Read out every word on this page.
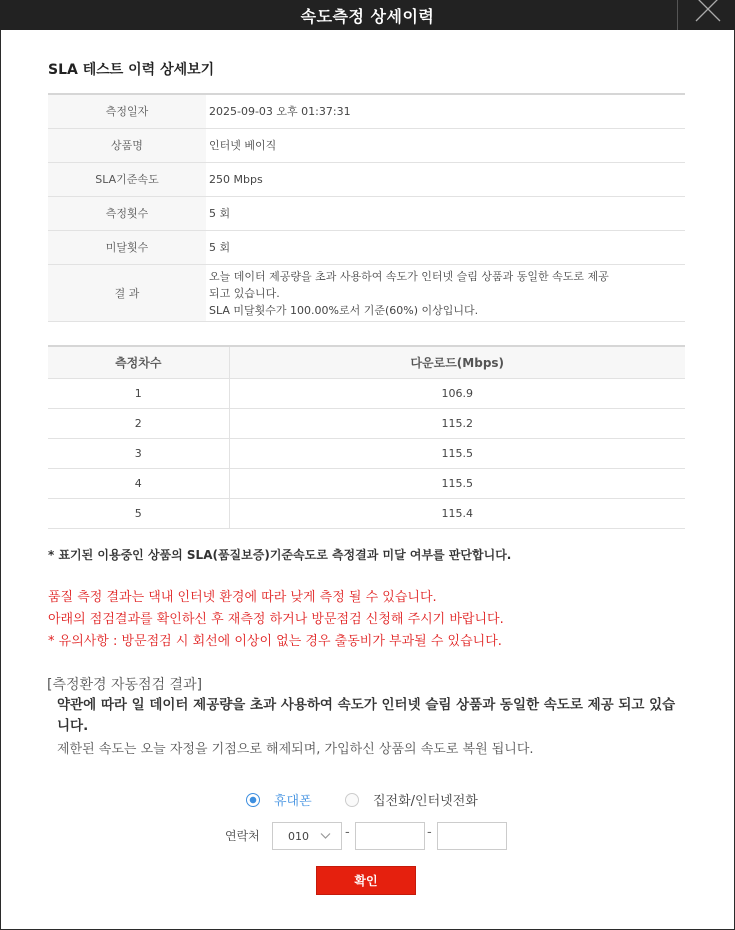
속도측정 상세이력
SLA 테스트 이력 상세보기
측정일자	2025-09-03 오후 01:37:31
상품명	인터넷 베이직
SLA기준속도	250 Mbps
측정횟수	5 회
미달횟수	5 회
결 과	오늘 데이터 제공량을 초과 사용하여 속도가 인터넷 슬림 상품과 동일한 속도로 제공
되고 있습니다.
SLA 미달횟수가 100.00%로서 기준(60%) 이상입니다.
측정차수	다운로드(Mbps)
1	106.9
2	115.2
3	115.5
4	115.5
5	115.4
* 표기된 이용중인 상품의 SLA(품질보증)기준속도로 측정결과 미달 여부를 판단합니다.
품질 측정 결과는 댁내 인터넷 환경에 따라 낮게 측정 될 수 있습니다.
아래의 점검결과를 확인하신 후 재측정 하거나 방문점검 신청해 주시기 바랍니다.
* 유의사항 : 방문점검 시 회선에 이상이 없는 경우 출동비가 부과될 수 있습니다.
[측정환경 자동점검 결과]
약관에 따라 일 데이터 제공량을 초과 사용하여 속도가 인터넷 슬림 상품과 동일한 속도로 제공 되고 있습니다.
제한된 속도는 오늘 자정을 기점으로 해제되며, 가입하신 상품의 속도로 복원 됩니다.
휴대폰	집전화/인터넷전화
연락처	010	-	-
확인
